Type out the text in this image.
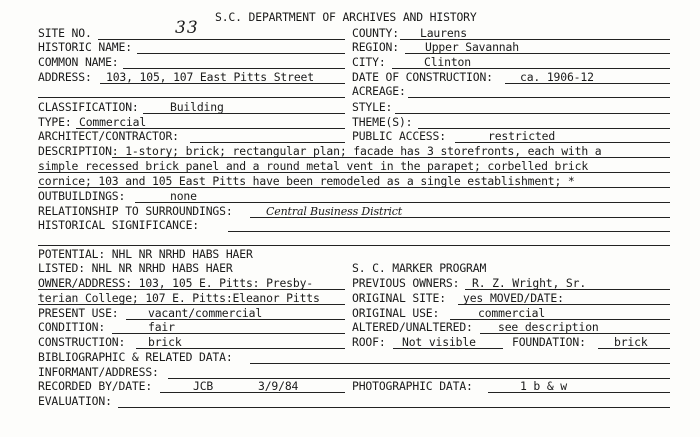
S.C. DEPARTMENT OF ARCHIVES AND HISTORY
SITE NO.	33	COUNTY: Laurens
HISTORIC NAME:	REGION: Upper Savannah
COMMON NAME:	CITY:	Clinton
ADDRESS: 103, 105, 107 East Pitts Street	DATE OF CONSTRUCTION: ca. 1906-12
ACREAGE:
CLASSIFICATION:	Building	STYLE:
TYPE: Commercial	THEME(S):
ARCHITECT/CONTRACTOR:	PUBLIC ACCESS:	restricted
DESCRIPTION: 1-story; brick; rectangular plan; facade has 3 storefronts, each with a
simple recessed brick panel and a round metal vent in the parapet; corbelled brick
cornice; 103 and 105 East Pitts have been remodeled as a single establishment; *
OUTBUILDINGS:	none
RELATIONSHIP TO SURROUNDINGS:	Central Business District
HISTORICAL SIGNIFICANCE:
POTENTIAL: NHL NR NRHD HABS HAER
LISTED: NHL NR NRHD HABS HAER	S. C. MARKER PROGRAM
OWNER/ADDRESS: 103, 105 E. Pitts: Presby-	PREVIOUS OWNERS: R. Z. Wright, Sr.
terian College; 107 E. Pitts:Eleanor Pitts	ORIGINAL SITE: yes MOVED/DATE:
PRESENT USE:	vacant/commercial	ORIGINAL USE:	commercial
CONDITION:	fair	ALTERED/UNALTERED: see description
CONSTRUCTION: brick	ROOF: Not visible	FOUNDATION: brick
BIBLIOGRAPHIC & RELATED DATA:
INFORMANT/ADDRESS:
RECORDED BY/DATE:	JCB	3/9/84	PHOTOGRAPHIC DATA:	1 b & w
EVALUATION:
